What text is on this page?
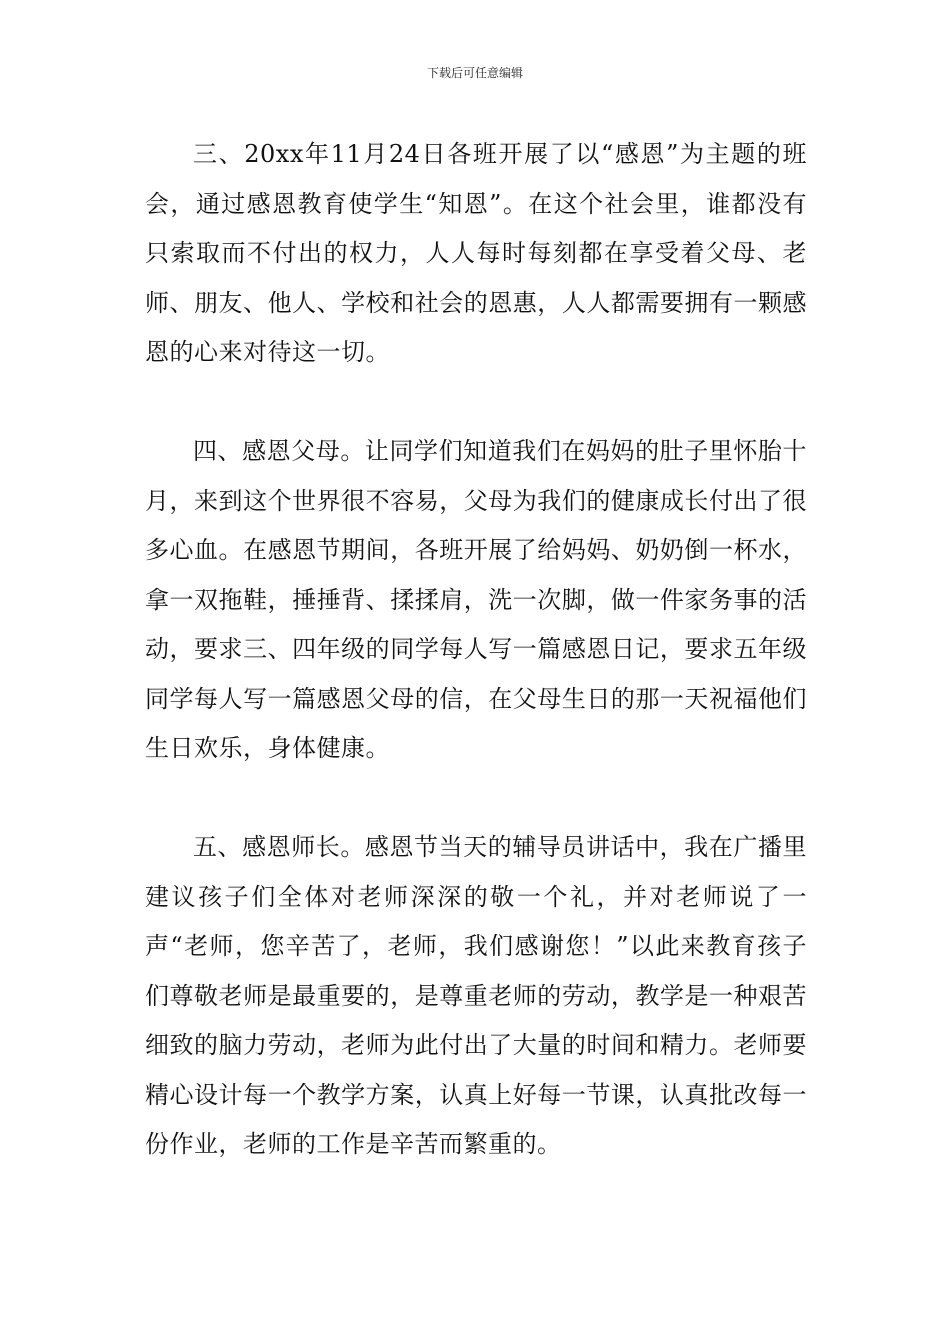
下载后可任意编辑

三、20xx年11月24日各班开展了以“感恩”为主题的班会，通过感恩教育使学生“知恩”。在这个社会里，谁都没有只索取而不付出的权力，人人每时每刻都在享受着父母、老师、朋友、他人、学校和社会的恩惠，人人都需要拥有一颗感恩的心来对待这一切。

四、感恩父母。让同学们知道我们在妈妈的肚子里怀胎十月，来到这个世界很不容易，父母为我们的健康成长付出了很多心血。在感恩节期间，各班开展了给妈妈、奶奶倒一杯水，拿一双拖鞋，捶捶背、揉揉肩，洗一次脚，做一件家务事的活动，要求三、四年级的同学每人写一篇感恩日记，要求五年级同学每人写一篇感恩父母的信，在父母生日的那一天祝福他们生日欢乐，身体健康。

五、感恩师长。感恩节当天的辅导员讲话中，我在广播里建议孩子们全体对老师深深的敬一个礼，并对老师说了一声“老师，您辛苦了，老师，我们感谢您！”以此来教育孩子们尊敬老师是最重要的，是尊重老师的劳动，教学是一种艰苦细致的脑力劳动，老师为此付出了大量的时间和精力。老师要精心设计每一个教学方案，认真上好每一节课，认真批改每一份作业，老师的工作是辛苦而繁重的。
